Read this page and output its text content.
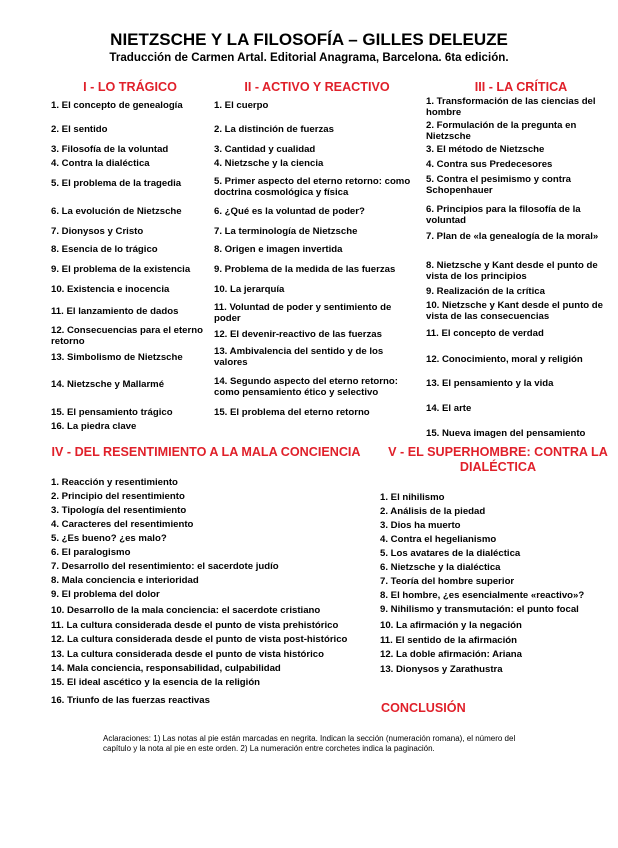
NIETZSCHE Y LA FILOSOFÍA – GILLES DELEUZE
Traducción de Carmen Artal. Editorial Anagrama, Barcelona. 6ta edición.
I - LO TRÁGICO
1. El concepto de genealogía
2. El sentido
3. Filosofía de la voluntad
4. Contra la dialéctica
5. El problema de la tragedia
6. La evolución de Nietzsche
7. Dionysos y Cristo
8. Esencia de lo trágico
9. El problema de la existencia
10. Existencia e inocencia
11. El lanzamiento de dados
12. Consecuencias para el eterno retorno
13. Simbolismo de Nietzsche
14. Nietzsche y Mallarmé
15. El pensamiento trágico
16. La piedra clave
II - ACTIVO Y REACTIVO
1. El cuerpo
2. La distinción de fuerzas
3. Cantidad y cualidad
4. Nietzsche y la ciencia
5. Primer aspecto del eterno retorno: como doctrina cosmológica y física
6. ¿Qué es la voluntad de poder?
7. La terminología de Nietzsche
8. Origen e imagen invertida
9. Problema de la medida de las fuerzas
10. La jerarquía
11. Voluntad de poder y sentimiento de poder
12. El devenir-reactivo de las fuerzas
13. Ambivalencia del sentido y de los valores
14. Segundo aspecto del eterno retorno: como pensamiento ético y selectivo
15. El problema del eterno retorno
III - LA CRÍTICA
1. Transformación de las ciencias del hombre
2. Formulación de la pregunta en Nietzsche
3. El método de Nietzsche
4. Contra sus Predecesores
5. Contra el pesimismo y contra Schopenhauer
6. Principios para la filosofía de la voluntad
7. Plan de «la genealogía de la moral»
8. Nietzsche y Kant desde el punto de vista de los principios
9. Realización de la crítica
10. Nietzsche y Kant desde el punto de vista de las consecuencias
11. El concepto de verdad
12. Conocimiento, moral y religión
13. El pensamiento y la vida
14. El arte
15. Nueva imagen del pensamiento
IV - DEL RESENTIMIENTO A LA MALA CONCIENCIA
1. Reacción y resentimiento
2. Principio del resentimiento
3. Tipología del resentimiento
4. Caracteres del resentimiento
5. ¿Es bueno? ¿es malo?
6. El paralogismo
7. Desarrollo del resentimiento: el sacerdote judío
8. Mala conciencia e interioridad
9. El problema del dolor
10. Desarrollo de la mala conciencia: el sacerdote cristiano
11. La cultura considerada desde el punto de vista prehistórico
12. La cultura considerada desde el punto de vista post-histórico
13. La cultura considerada desde el punto de vista histórico
14. Mala conciencia, responsabilidad, culpabilidad
15. El ideal ascético y la esencia de la religión
16. Triunfo de las fuerzas reactivas
V - EL SUPERHOMBRE: CONTRA LA DIALÉCTICA
1. El nihilismo
2. Análisis de la piedad
3. Dios ha muerto
4. Contra el hegelianismo
5. Los avatares de la dialéctica
6. Nietzsche y la dialéctica
7. Teoría del hombre superior
8. El hombre, ¿es esencialmente «reactivo»?
9. Nihilismo y transmutación: el punto focal
10. La afirmación y la negación
11. El sentido de la afirmación
12. La doble afirmación: Ariana
13. Dionysos y Zarathustra
CONCLUSIÓN
Aclaraciones: 1) Las notas al pie están marcadas en negrita. Indican la sección (numeración romana), el número del capítulo y la nota al pie en este orden. 2) La numeración entre corchetes indica la paginación.
